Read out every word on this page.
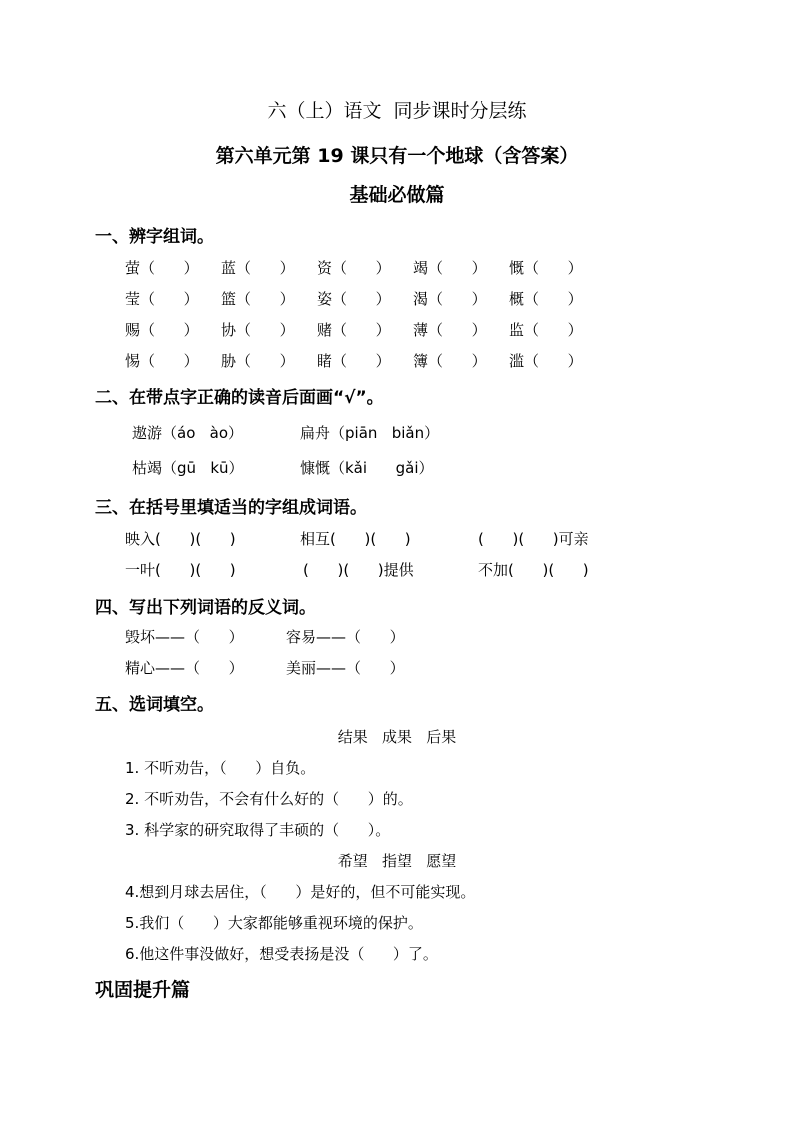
六（上）语文  同步课时分层练
第六单元第 19 课只有一个地球（含答案）
基础必做篇
一、辨字组词。
萤（      ） 蓝（      ） 资（      ） 竭（      ） 慨（      ）
莹（      ） 篮（      ） 姿（      ） 渴（      ） 概（      ）
赐（      ） 协（      ） 赌（      ） 薄（      ） 监（      ）
惕（      ） 胁（      ） 睹（      ） 簿（      ） 滥（      ）
二、在带点字正确的读音后面画“√”。
遨游（áo   ào）	扁舟（piān   biǎn）
枯竭（gū   kū）	慷慨（kǎi      gǎi）
三、在括号里填适当的字组成词语。
映入(      )(      )	相互(      )(      )	(      )(      )可亲
一叶(      )(      )	(      )(      )提供	不加(      )(      )
四、写出下列词语的反义词。
毁坏——（      ）	容易——（      ）
精心——（      ）	美丽——（      ）
五、选词填空。
结果   成果   后果
1. 不听劝告，（      ）自负。
2. 不听劝告，不会有什么好的（      ）的。
3. 科学家的研究取得了丰硕的（      ）。
希望   指望   愿望
4.想到月球去居住，（      ）是好的，但不可能实现。
5.我们（      ）大家都能够重视环境的保护。
6.他这件事没做好，想受表扬是没（      ）了。
巩固提升篇
